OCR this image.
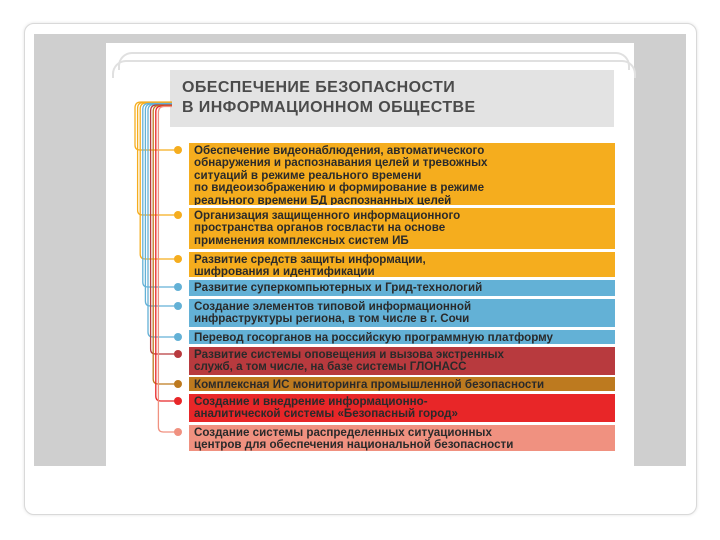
ОБЕСПЕЧЕНИЕ БЕЗОПАСНОСТИ
В ИНФОРМАЦИОННОМ ОБЩЕСТВЕ
Обеспечение видеонаблюдения, автоматического
обнаружения и распознавания целей и тревожных
ситуаций в режиме реального времени
по видеоизображению и формирование в режиме
реального времени БД распознанных целей
Организация защищенного информационного
пространства органов госвласти на основе
применения комплексных систем ИБ
Развитие средств защиты информации,
шифрования и идентификации
Развитие суперкомпьютерных и Грид-технологий
Создание элементов типовой информационной
инфраструктуры региона, в том числе в г. Сочи
Перевод госорганов на российскую программную платформу
Развитие системы оповещения и вызова экстренных
служб, а том числе, на базе системы ГЛОНАСС
Комплексная ИС мониторинга промышленной безопасности
Создание и внедрение информационно-
аналитической системы «Безопасный город»
Создание системы распределенных ситуационных
центров для обеспечения национальной безопасности
